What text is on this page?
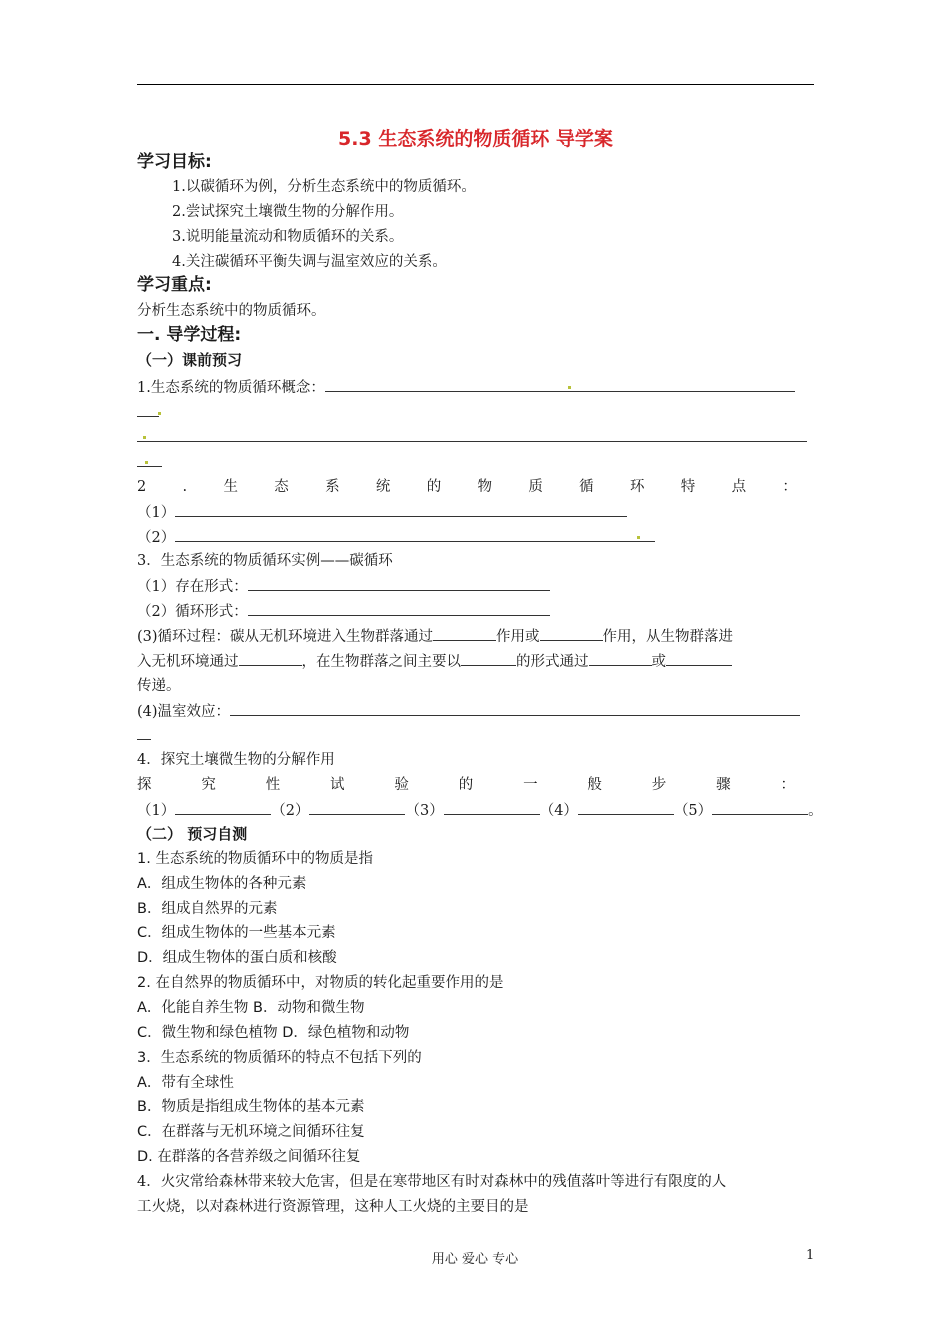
5.3 生态系统的物质循环 导学案
学习目标:
1.以碳循环为例，分析生态系统中的物质循环。
2.尝试探究土壤微生物的分解作用。
3.说明能量流动和物质循环的关系。
4.关注碳循环平衡失调与温室效应的关系。
学习重点:
分析生态系统中的物质循环。
一. 导学过程:
（一）课前预习
1.生态系统的物质循环概念：
2	.	生	态	系	统	的	物	质	循	环	特	点	：
（1）
（2）
3．生态系统的物质循环实例——碳循环
（1）存在形式：
（2）循环形式：
(3)循环过程：碳从无机环境进入生物群落通过	作用或	作用，从生物群落进
入无机环境通过	，在生物群落之间主要以	的形式通过	或
传递。
(4)温室效应：
4．探究土壤微生物的分解作用
探	究	性	试	验	的	一	般	步	骤	：
（1）	（2）	（3）	（4）	（5）	。
（二） 预习自测
1. 生态系统的物质循环中的物质是指
A．组成生物体的各种元素
B．组成自然界的元素
C．组成生物体的一些基本元素
D．组成生物体的蛋白质和核酸
2. 在自然界的物质循环中，对物质的转化起重要作用的是
A．化能自养生物 B．动物和微生物
C．微生物和绿色植物 D．绿色植物和动物
3．生态系统的物质循环的特点不包括下列的
A．带有全球性
B．物质是指组成生物体的基本元素
C．在群落与无机环境之间循环往复
D. 在群落的各营养级之间循环往复
4．火灾常给森林带来较大危害，但是在寒带地区有时对森林中的残值落叶等进行有限度的人
工火烧，以对森林进行资源管理，这种人工火烧的主要目的是
用心 爱心 专心	1
